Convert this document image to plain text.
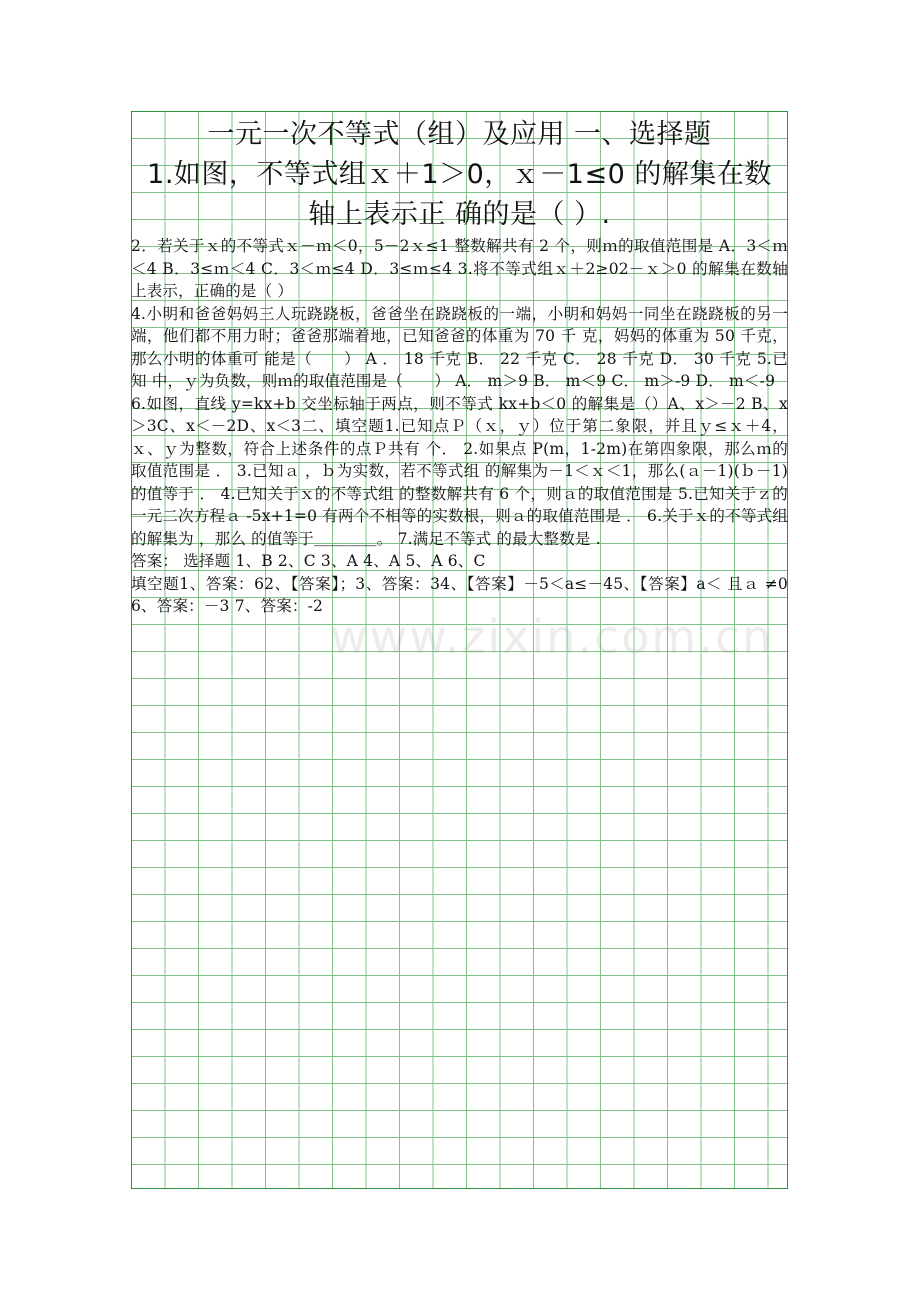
www.zixin.com.cn
一元一次不等式（组）及应用 一、选择题
1.如图，不等式组ｘ＋1＞0，ｘ－1≤0 的解集在数
轴上表示正 确的是（ ）.

2．若关于ｘ的不等式ｘ－ｍ＜0，5－2ｘ≤1 整数解共有 2 个，则ｍ的取值范围是 A．3＜ｍ＜4 B．3≤ｍ＜4 C．3＜ｍ≤4 D．3≤ｍ≤4 3.将不等式组ｘ＋2≥02－ｘ＞0 的解集在数轴上表示，正确的是（ ）

4.小明和爸爸妈妈三人玩跷跷板，爸爸坐在跷跷板的一端，小明和妈妈一同坐在跷跷板的另一端，他们都不用力时；爸爸那端着地，已知爸爸的体重为 70 千 克，妈妈的体重为 50 千克，那么小明的体重可 能是（　　） A ． 18 千克 B． 22 千克 C． 28 千克 D． 30 千克 5.已知 中，ｙ为负数，则ｍ的取值范围是（　　） A． m＞9 B． m＜9 C． m＞-9 D． m＜-9

6.如图，直线 y=kx+b 交坐标轴于两点，则不等式 kx+b＜0 的解集是（）A、x＞－2 B、x＞3C、x＜－2D、x＜3二、填空题1.已知点Ｐ（ｘ，ｙ）位于第二象限，并且ｙ≤ｘ＋4，ｘ、ｙ为整数，符合上述条件的点Ｐ共有 个． 2.如果点 P(m，1-2m)在第四象限，那么ｍ的取值范围是 ． 3.已知ａ ，ｂ为实数，若不等式组 的解集为－1＜ｘ＜1，那么(ａ－1)(ｂ－1)的值等于 ． 4.已知关于ｘ的不等式组 的整数解共有 6 个，则ａ的取值范围是 5.已知关于ｚ的一元二次方程ａ -5x+1=0 有两个不相等的实数根，则ａ的取值范围是 ． 6.关于ｘ的不等式组 的解集为 ，那么 的值等于＿＿＿＿。 7.满足不等式 的最大整数是 .

答案： 选择题 1、B 2、C 3、A 4、A 5、A 6、C

填空题1、答案：62、【答案】；3、答案：34、【答案】－5＜a≤－45、【答案】a＜ 且ａ ≠0 6、答案：－3 7、答案：-2
